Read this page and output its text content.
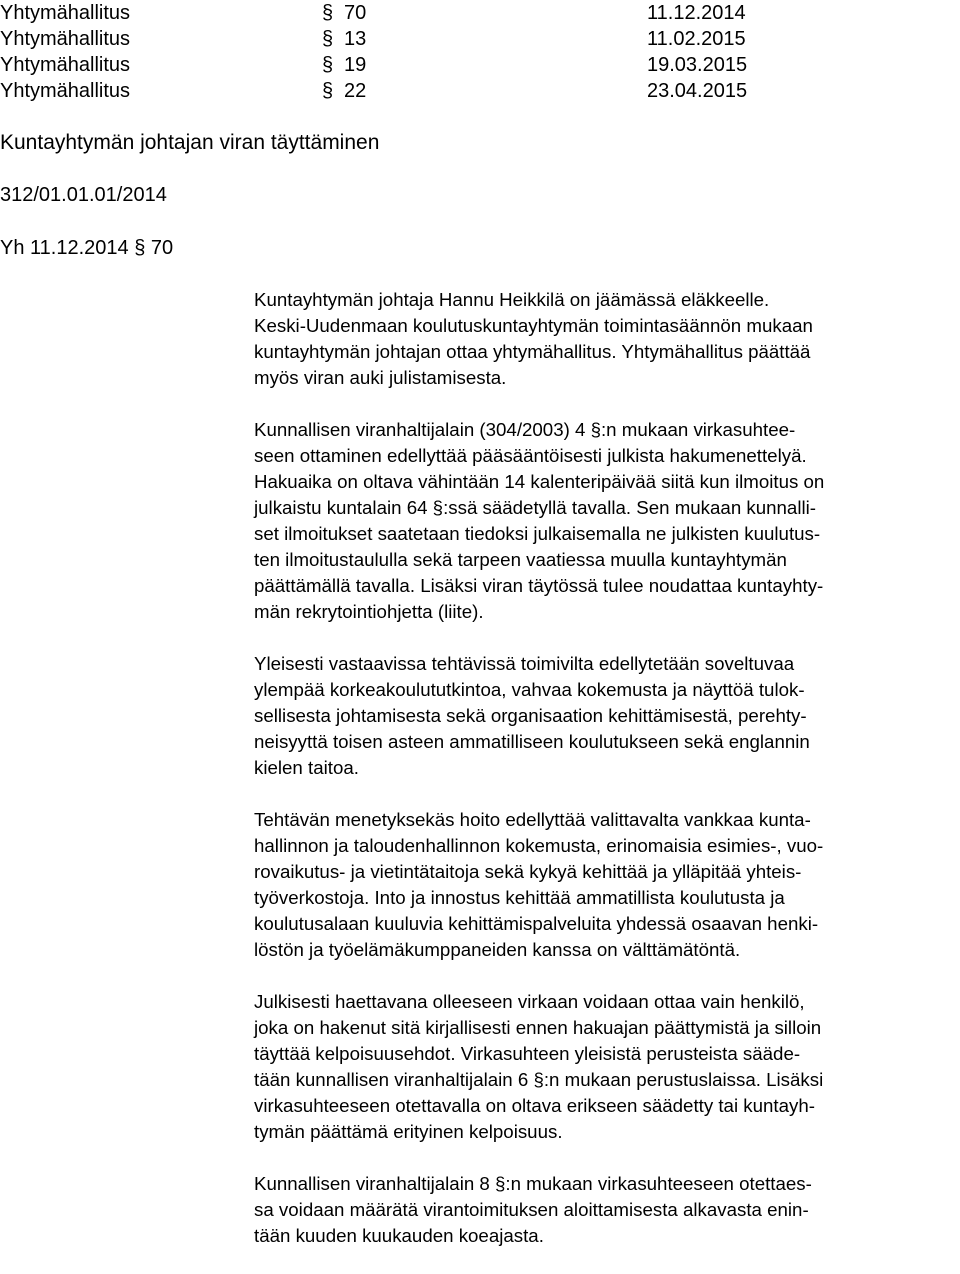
Yhtymähallitus	§ 70	11.12.2014
Yhtymähallitus	§ 13	11.02.2015
Yhtymähallitus	§ 19	19.03.2015
Yhtymähallitus	§ 22	23.04.2015
Kuntayhtymän johtajan viran täyttäminen
312/01.01.01/2014
Yh 11.12.2014 § 70

Kuntayhtymän johtaja Hannu Heikkilä on jäämässä eläkkeelle.
Keski-Uudenmaan koulutuskuntayhtymän toimintasäännön mukaan
kuntayhtymän johtajan ottaa yhtymähallitus. Yhtymähallitus päättää
myös viran auki julistamisesta.

Kunnallisen viranhaltijalain (304/2003) 4 §:n mukaan virkasuhtee-
seen ottaminen edellyttää pääsääntöisesti julkista hakumenettelyä.
Hakuaika on oltava vähintään 14 kalenteripäivää siitä kun ilmoitus on
julkaistu kuntalain 64 §:ssä säädetyllä tavalla. Sen mukaan kunnalli-
set ilmoitukset saatetaan tiedoksi julkaisemalla ne julkisten kuulutus-
ten ilmoitustaululla sekä tarpeen vaatiessa muulla kuntayhtymän
päättämällä tavalla. Lisäksi viran täytössä tulee noudattaa kuntayhty-
män rekrytointiohjetta (liite).

Yleisesti vastaavissa tehtävissä toimivilta edellytetään soveltuvaa
ylempää korkeakoulututkintoa, vahvaa kokemusta ja näyttöä tulok-
sellisesta johtamisesta sekä organisaation kehittämisestä, perehty-
neisyyttä toisen asteen ammatilliseen koulutukseen sekä englannin
kielen taitoa.

Tehtävän menetyksekäs hoito edellyttää valittavalta vankkaa kunta-
hallinnon ja taloudenhallinnon kokemusta, erinomaisia esimies-, vuo-
rovaikutus- ja vietintätaitoja sekä kykyä kehittää ja ylläpitää yhteis-
työverkostoja. Into ja innostus kehittää ammatillista koulutusta ja
koulutusalaan kuuluvia kehittämispalveluita yhdessä osaavan henki-
löstön ja työelämäkumppaneiden kanssa on välttämätöntä.

Julkisesti haettavana olleeseen virkaan voidaan ottaa vain henkilö,
joka on hakenut sitä kirjallisesti ennen hakuajan päättymistä ja silloin
täyttää kelpoisuusehdot. Virkasuhteen yleisistä perusteista sääde-
tään kunnallisen viranhaltijalain 6 §:n mukaan perustuslaissa. Lisäksi
virkasuhteeseen otettavalla on oltava erikseen säädetty tai kuntayh-
tymän päättämä erityinen kelpoisuus.

Kunnallisen viranhaltijalain 8 §:n mukaan virkasuhteeseen otettaes-
sa voidaan määrätä virantoimituksen aloittamisesta alkavasta enin-
tään kuuden kuukauden koeajasta.
